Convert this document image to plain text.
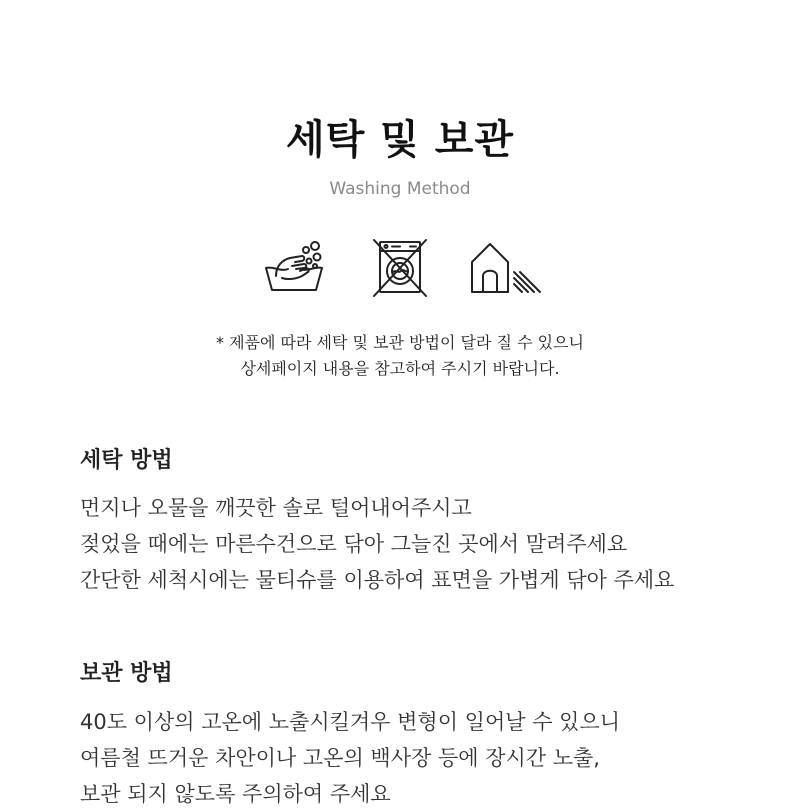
세탁 및 보관
Washing Method
* 제품에 따라 세탁 및 보관 방법이 달라 질 수 있으니
상세페이지 내용을 참고하여 주시기 바랍니다.
세탁 방법
먼지나 오물을 깨끗한 솔로 털어내어주시고
젖었을 때에는 마른수건으로 닦아 그늘진 곳에서 말려주세요
간단한 세척시에는 물티슈를 이용하여 표면을 가볍게 닦아 주세요
보관 방법
40도 이상의 고온에 노출시킬겨우 변형이 일어날 수 있으니
여름철 뜨거운 차안이나 고온의 백사장 등에 장시간 노출,
보관 되지 않도록 주의하여 주세요
